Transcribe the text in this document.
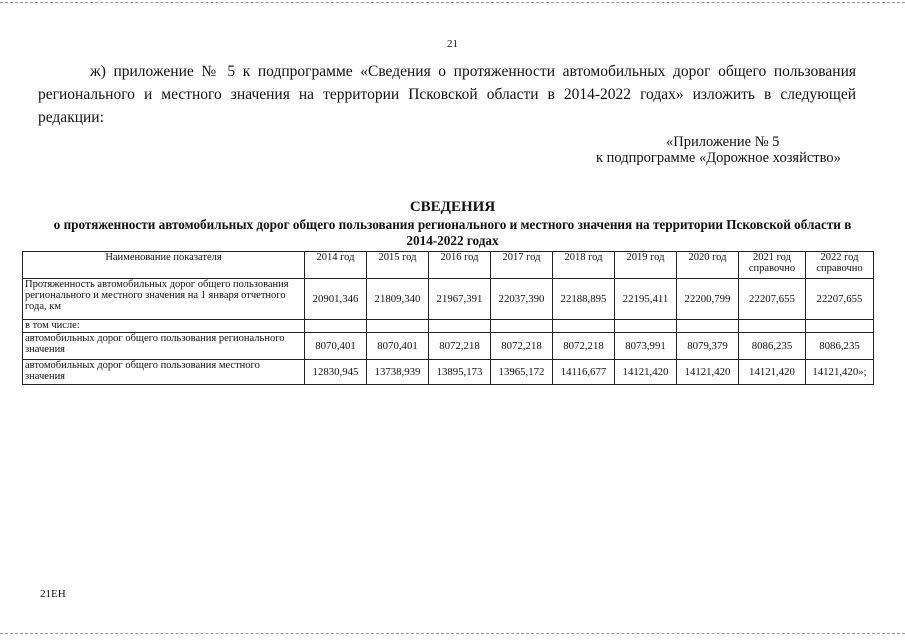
21
ж) приложение № 5 к подпрограмме «Сведения о протяженности автомобильных дорог общего пользования регионального и местного значения на территории Псковской области в 2014-2022 годах» изложить в следующей редакции:
«Приложение № 5
к подпрограмме «Дорожное хозяйство»
СВЕДЕНИЯ
о протяженности автомобильных дорог общего пользования регионального и местного значения на территории Псковской области в 2014-2022 годах
Наименование показателя	2014 год	2015 год	2016 год	2017 год	2018 год	2019 год	2020 год	2021 год справочно	2022 год справочно
Протяженность автомобильных дорог общего пользования регионального и местного значения на 1 января отчетного года, км	20901,346	21809,340	21967,391	22037,390	22188,895	22195,411	22200,799	22207,655	22207,655
в том числе:									
автомобильных дорог общего пользования регионального значения	8070,401	8070,401	8072,218	8072,218	8072,218	8073,991	8079,379	8086,235	8086,235
автомобильных дорог общего пользования местного значения	12830,945	13738,939	13895,173	13965,172	14116,677	14121,420	14121,420	14121,420	14121,420»;
21ЕН
